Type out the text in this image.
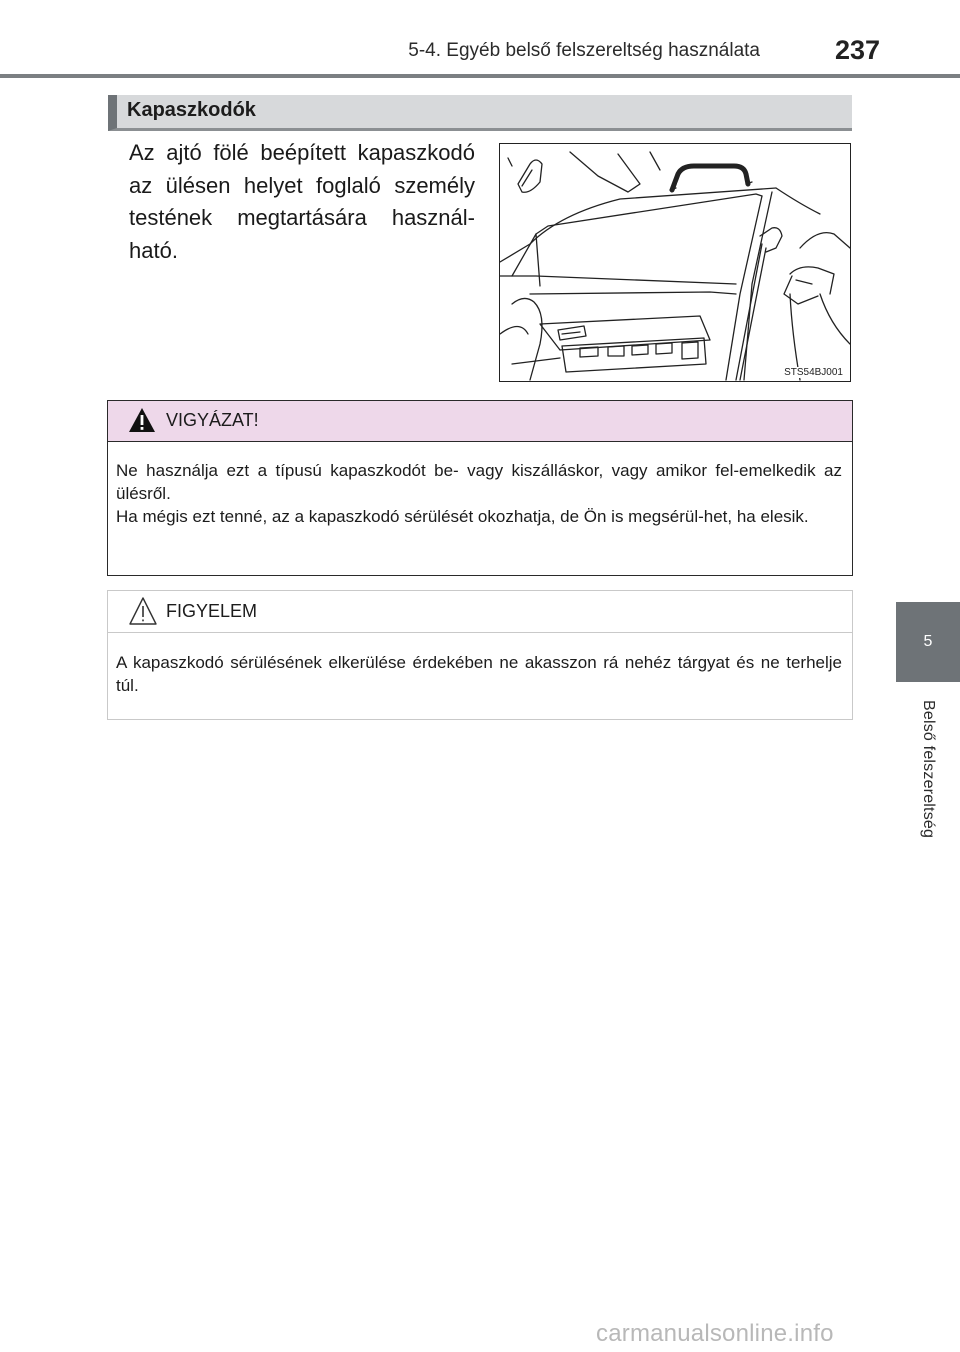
5-4. Egyéb belső felszereltség használata	237
5
Belső felszereltség
Kapaszkodók
Az ajtó fölé beépített kapaszkodó az ülésen helyet foglaló személy testének megtartására használ-ható.
STS54BJ001
VIGYÁZAT!
Ne használja ezt a típusú kapaszkodót be- vagy kiszálláskor, vagy amikor fel-emelkedik az ülésről.
Ha mégis ezt tenné, az a kapaszkodó sérülését okozhatja, de Ön is megsérül-het, ha elesik.
FIGYELEM
A kapaszkodó sérülésének elkerülése érdekében ne akasszon rá nehéz tárgyat és ne terhelje túl.
carmanualsonline.info
